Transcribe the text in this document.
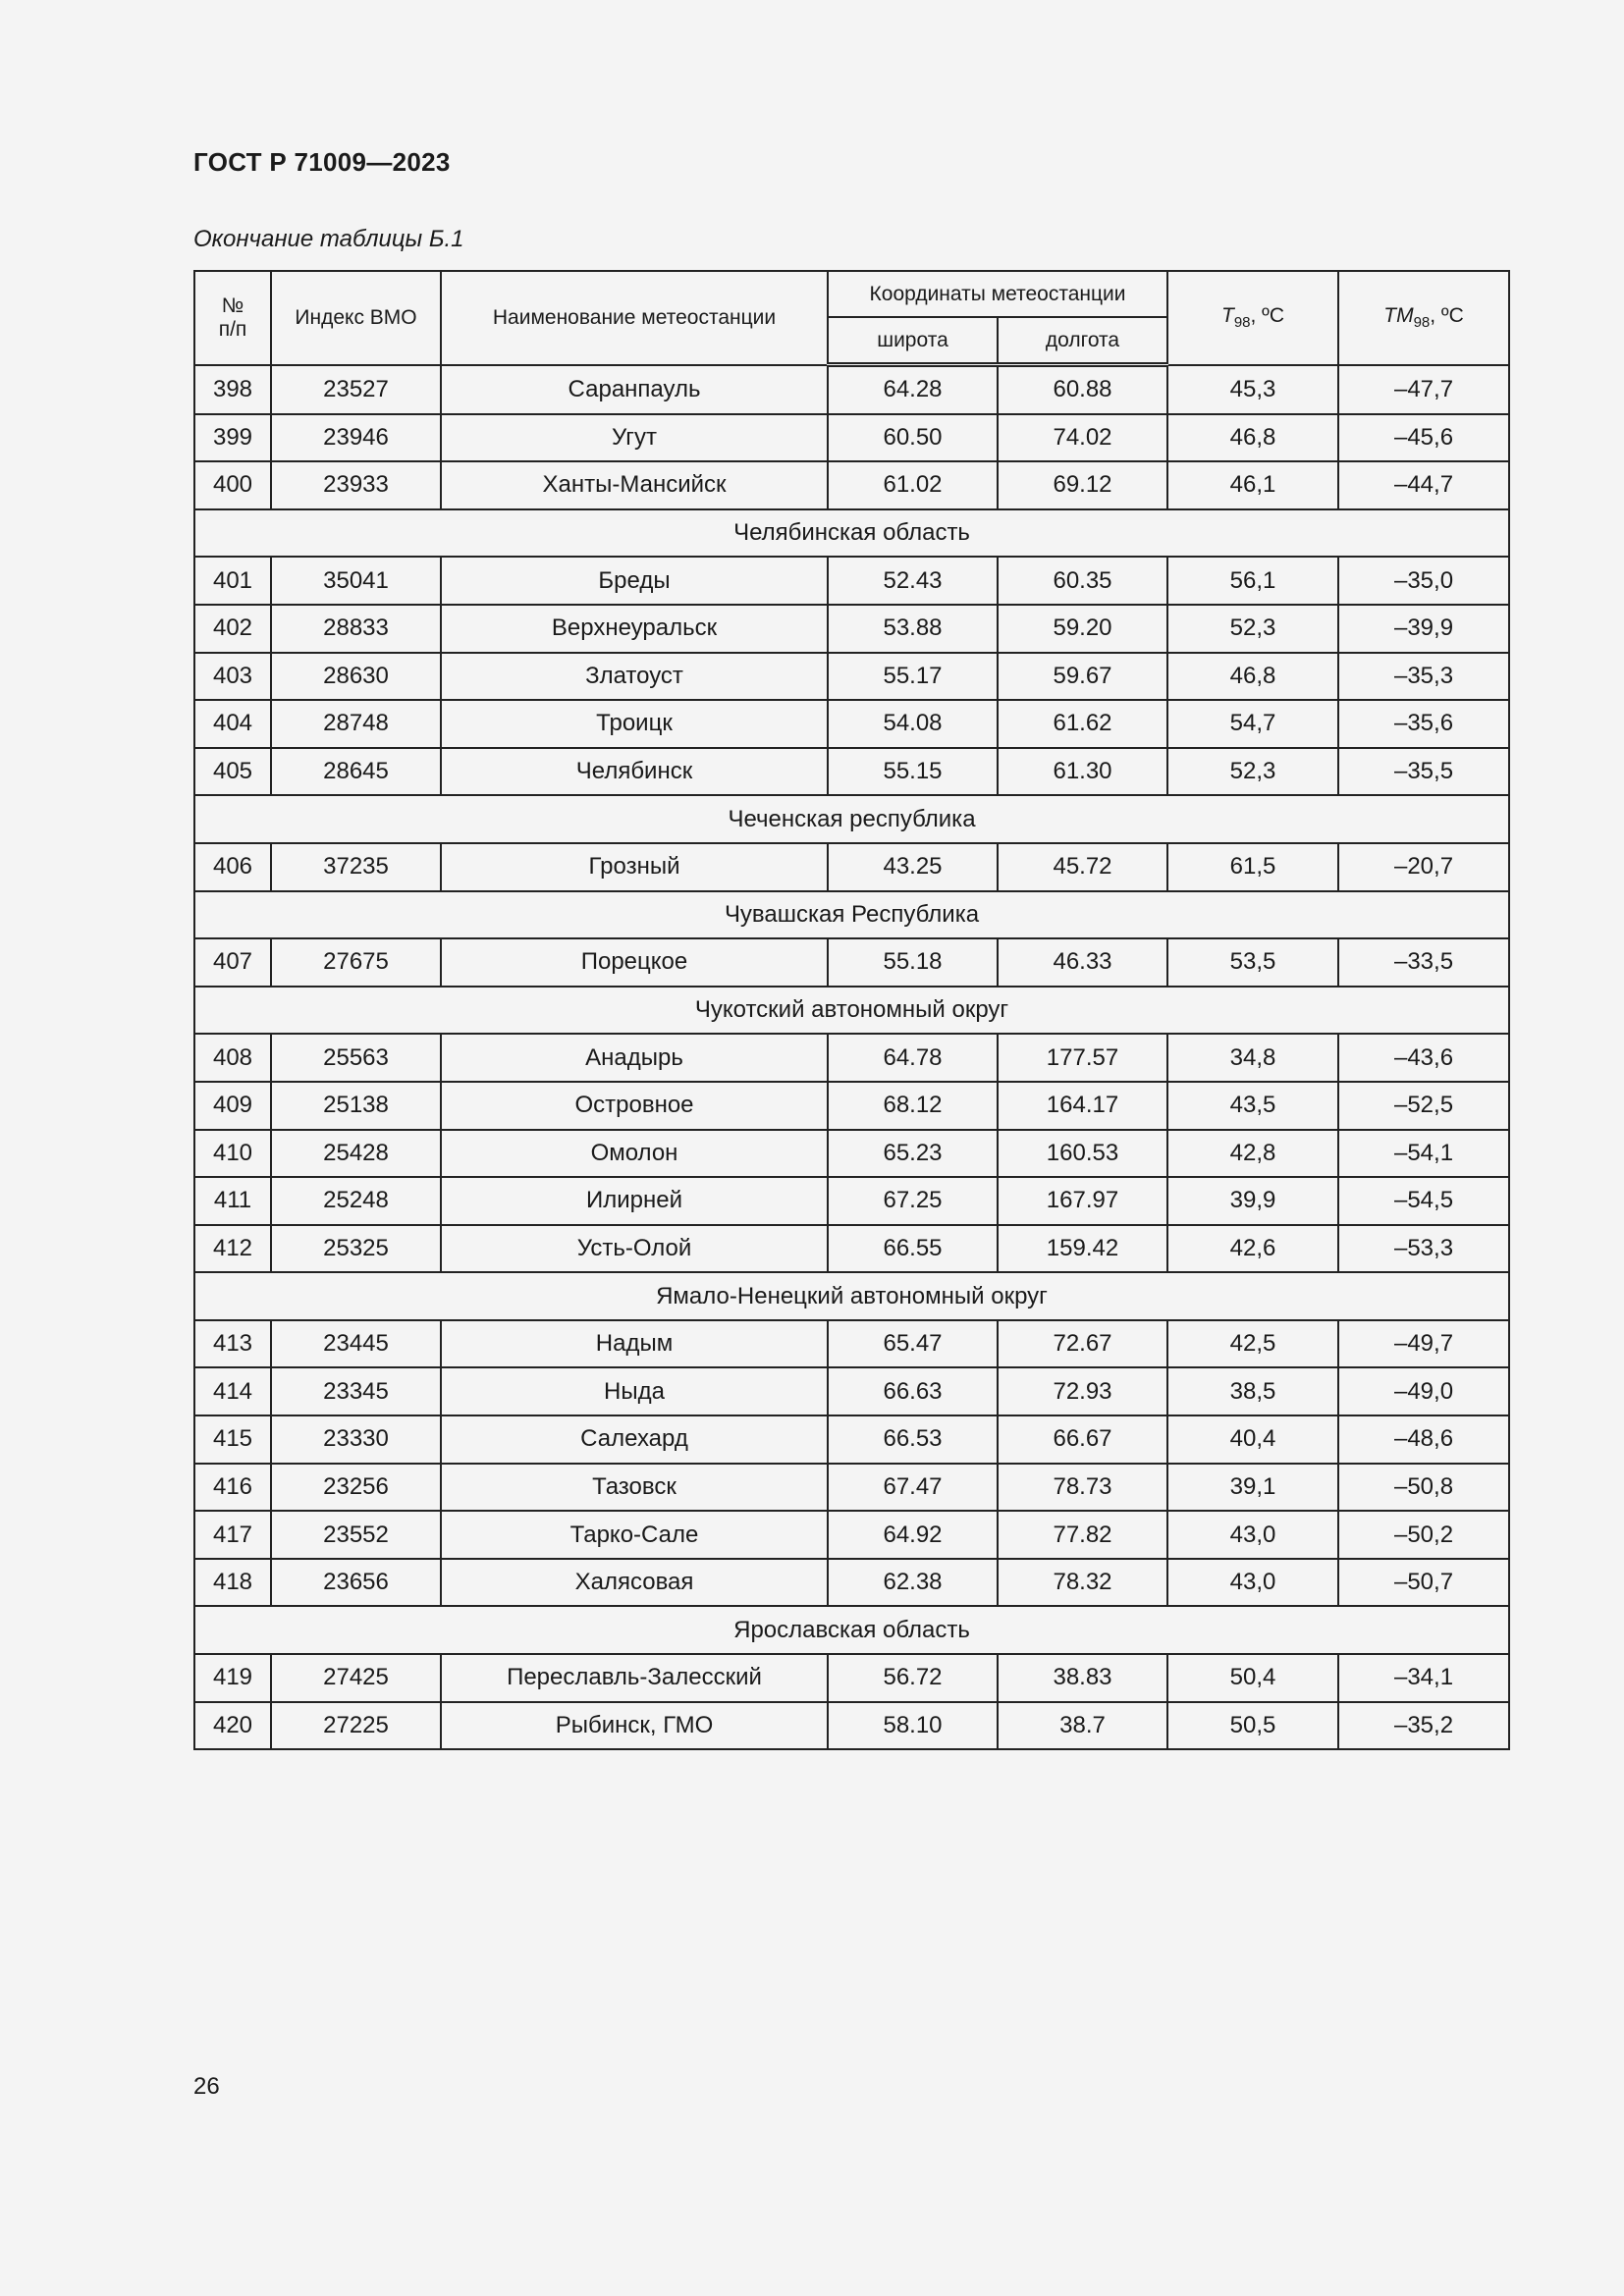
ГОСТ Р 71009—2023
Окончание таблицы Б.1
№
п/п	Индекс ВМО	Наименование метеостанции	Координаты метеостанции		$T_{98}$, ºС	$TM_{98}$, ºС
			широта	долгота		
398	23527	Саранпауль	64.28	60.88	45,3	–47,7
399	23946	Угут	60.50	74.02	46,8	–45,6
400	23933	Ханты-Мансийск	61.02	69.12	46,1	–44,7
Челябинская область						
401	35041	Бреды	52.43	60.35	56,1	–35,0
402	28833	Верхнеуральск	53.88	59.20	52,3	–39,9
403	28630	Златоуст	55.17	59.67	46,8	–35,3
404	28748	Троицк	54.08	61.62	54,7	–35,6
405	28645	Челябинск	55.15	61.30	52,3	–35,5
Чеченская республика						
406	37235	Грозный	43.25	45.72	61,5	–20,7
Чувашская Республика						
407	27675	Порецкое	55.18	46.33	53,5	–33,5
Чукотский автономный округ						
408	25563	Анадырь	64.78	177.57	34,8	–43,6
409	25138	Островное	68.12	164.17	43,5	–52,5
410	25428	Омолон	65.23	160.53	42,8	–54,1
411	25248	Илирней	67.25	167.97	39,9	–54,5
412	25325	Усть-Олой	66.55	159.42	42,6	–53,3
Ямало-Ненецкий автономный округ						
413	23445	Надым	65.47	72.67	42,5	–49,7
414	23345	Ныда	66.63	72.93	38,5	–49,0
415	23330	Салехард	66.53	66.67	40,4	–48,6
416	23256	Тазовск	67.47	78.73	39,1	–50,8
417	23552	Тарко-Сале	64.92	77.82	43,0	–50,2
418	23656	Халясовая	62.38	78.32	43,0	–50,7
Ярославская область						
419	27425	Переславль-Залесский	56.72	38.83	50,4	–34,1
420	27225	Рыбинск, ГМО	58.10	38.7	50,5	–35,2
26
